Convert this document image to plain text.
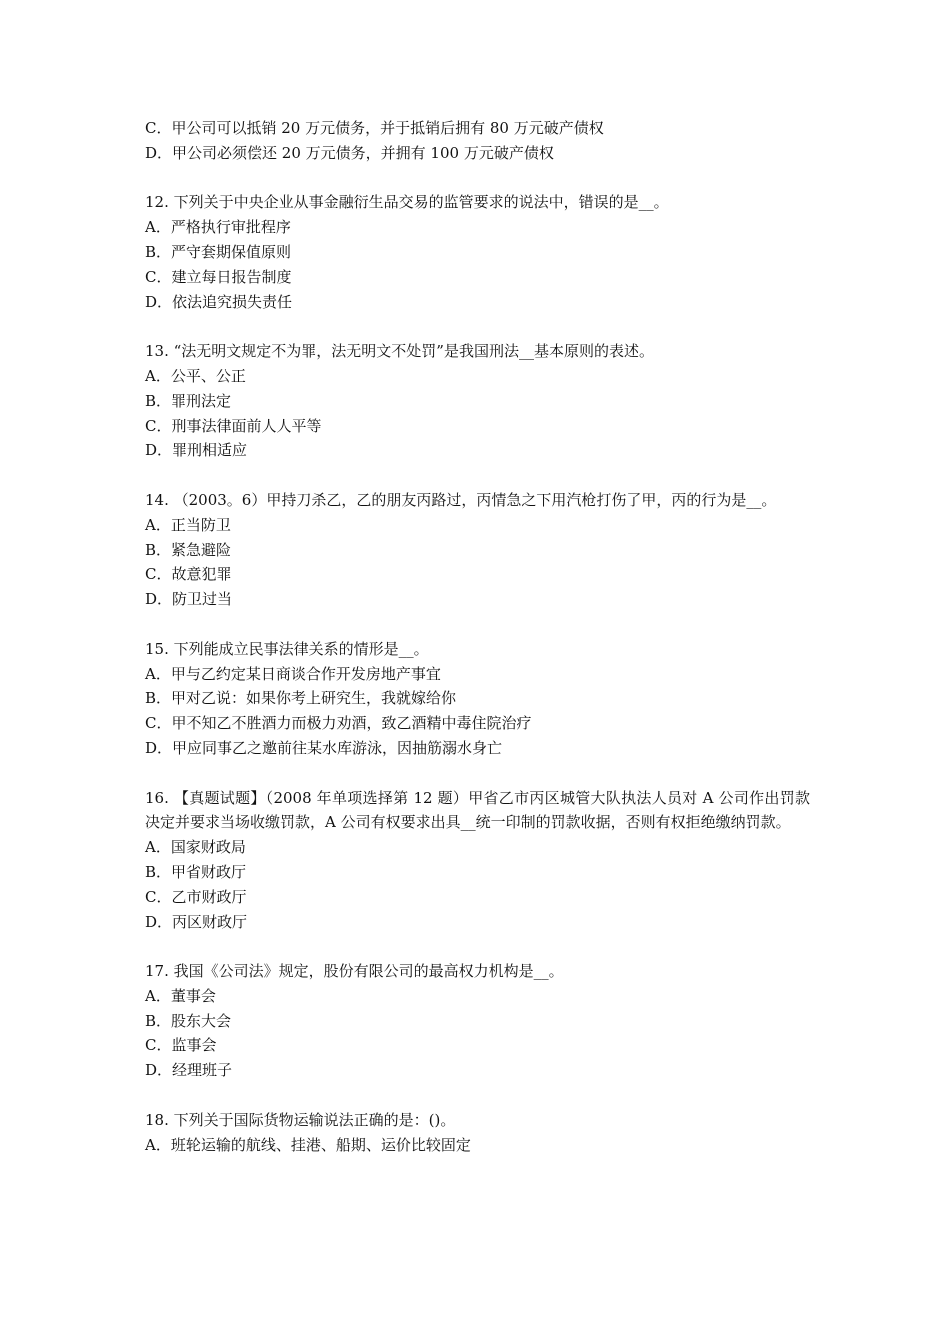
C．甲公司可以抵销 20 万元债务，并于抵销后拥有 80 万元破产债权
D．甲公司必须偿还 20 万元债务，并拥有 100 万元破产债权
12. 下列关于中央企业从事金融衍生品交易的监管要求的说法中，错误的是__。
A．严格执行审批程序
B．严守套期保值原则
C．建立每日报告制度
D．依法追究损失责任
13. “法无明文规定不为罪，法无明文不处罚”是我国刑法__基本原则的表述。
A．公平、公正
B．罪刑法定
C．刑事法律面前人人平等
D．罪刑相适应
14. （2003。6）甲持刀杀乙，乙的朋友丙路过，丙情急之下用汽枪打伤了甲，丙的行为是__。
A．正当防卫
B．紧急避险
C．故意犯罪
D．防卫过当
15. 下列能成立民事法律关系的情形是__。
A．甲与乙约定某日商谈合作开发房地产事宜
B．甲对乙说：如果你考上研究生，我就嫁给你
C．甲不知乙不胜酒力而极力劝酒，致乙酒精中毒住院治疗
D．甲应同事乙之邀前往某水库游泳，因抽筋溺水身亡
16. 【真题试题】（2008 年单项选择第 12 题）甲省乙市丙区城管大队执法人员对 A 公司作出罚款决定并要求当场收缴罚款，A 公司有权要求出具__统一印制的罚款收据，否则有权拒绝缴纳罚款。
A．国家财政局
B．甲省财政厅
C．乙市财政厅
D．丙区财政厅
17. 我国《公司法》规定，股份有限公司的最高权力机构是__。
A．董事会
B．股东大会
C．监事会
D．经理班子
18. 下列关于国际货物运输说法正确的是：()。
A．班轮运输的航线、挂港、船期、运价比较固定
